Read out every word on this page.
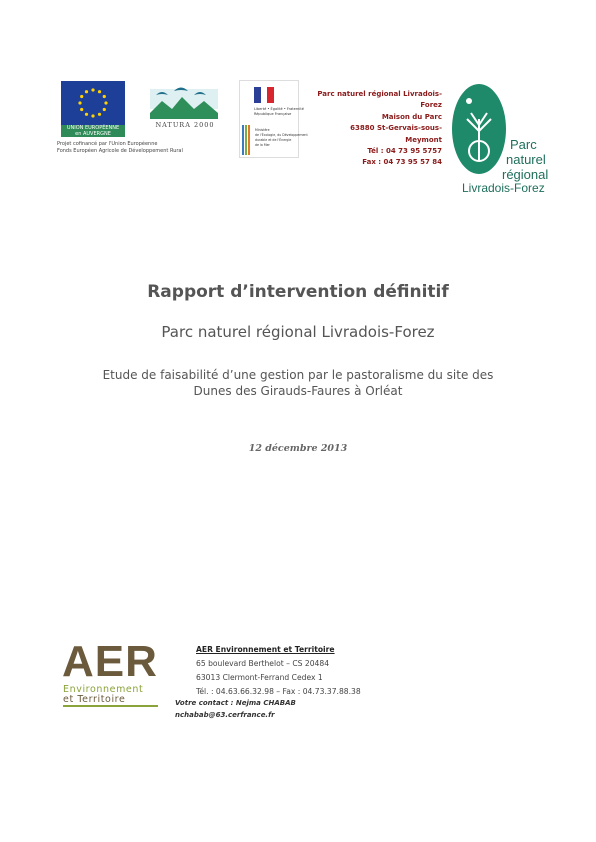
UNION EUROPÉENNE
en AUVERGNE
Projet cofinancé par l'Union Européenne
Fonds Européen Agricole de Développement Rural
NATURA 2000
Liberté • Égalité • Fraternité
République Française
Ministère
de l'Écologie, du Développement
durable et de l'Énergie
de la Mer
Parc naturel régional Livradois-
Forez
Maison du Parc
63880 St-Gervais-sous-
Meymont
Tél : 04 73 95 5757
Fax : 04 73 95 57 84
Parc
naturel
régional
Livradois-Forez
Rapport d’intervention définitif
Parc naturel régional Livradois-Forez
Etude de faisabilité d’une gestion par le pastoralisme du site des
Dunes des Girauds-Faures à Orléat
12 décembre 2013
AER
Environnement
et Territoire
AER Environnement et Territoire
65 boulevard Berthelot – CS 20484
63013 Clermont-Ferrand Cedex 1
Tél. : 04.63.66.32.98 – Fax : 04.73.37.88.38
Votre contact : Nejma CHABAB
nchabab@63.cerfrance.fr
